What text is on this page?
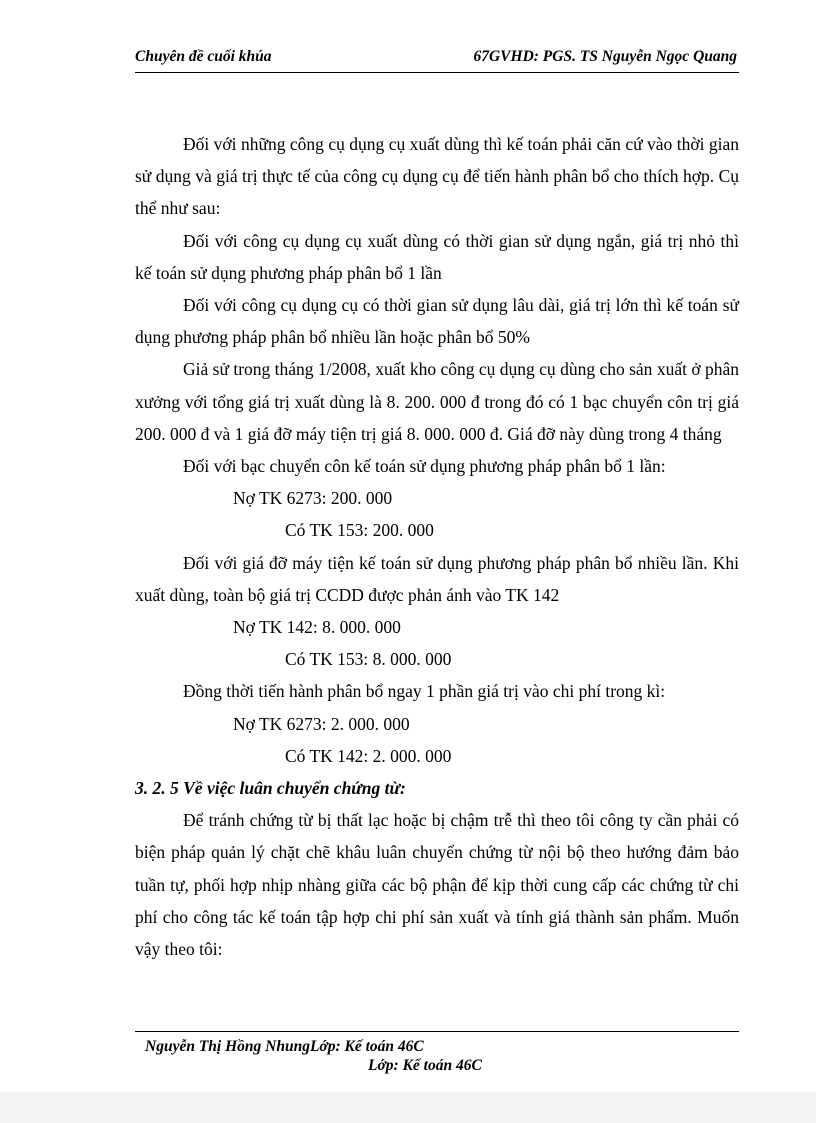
Chuyên đề cuối khúa	67GVHD: PGS. TS Nguyễn Ngọc Quang

Đối với những công cụ dụng cụ xuất dùng thì kế toán phải căn cứ vào thời gian sử dụng và giá trị thực tế của công cụ dụng cụ để tiến hành phân bổ cho thích hợp. Cụ thể như sau:

Đối với công cụ dụng cụ xuất dùng có thời gian sử dụng ngắn, giá trị nhỏ thì kế toán sử dụng phương pháp phân bổ 1 lần

Đối với công cụ dụng cụ có thời gian sử dụng lâu dài, giá trị lớn thì kế toán sử dụng phương pháp phân bổ nhiều lần hoặc phân bổ 50%

Giả sử trong tháng 1/2008, xuất kho công cụ dụng cụ dùng cho sản xuất ở phân xưởng với tổng giá trị xuất dùng là 8. 200. 000 đ trong đó có 1 bạc chuyển côn trị giá 200. 000 đ và 1 giá đỡ máy tiện trị giá 8. 000. 000 đ. Giá đỡ này dùng trong 4 tháng

Đối với bạc chuyển côn kế toán sử dụng phương pháp phân bổ 1 lần:

Nợ TK 6273: 200. 000

Có TK 153: 200. 000

Đối với giá đỡ máy tiện kế toán sử dụng phương pháp phân bổ nhiều lần. Khi xuất dùng, toàn bộ giá trị CCDD được phản ánh vào TK 142

Nợ TK 142: 8. 000. 000

Có TK 153: 8. 000. 000

Đồng thời tiến hành phân bổ ngay 1 phần giá trị vào chi phí trong kì:

Nợ TK 6273: 2. 000. 000

Có TK 142: 2. 000. 000

3. 2. 5 Về việc luân chuyển chứng từ:

Để tránh chứng từ bị thất lạc hoặc bị chậm trễ thì theo tôi công ty cần phải có biện pháp quản lý chặt chẽ khâu luân chuyển chứng từ nội bộ theo hướng đảm bảo tuần tự, phối hợp nhịp nhàng giữa các bộ phận để kịp thời cung cấp các chứng từ chi phí cho công tác kế toán tập hợp chi phí sản xuất và tính giá thành sản phẩm. Muốn vậy theo tôi:

Nguyễn Thị Hồng NhungLớp: Kế toán 46C
Lớp: Kế toán 46C
